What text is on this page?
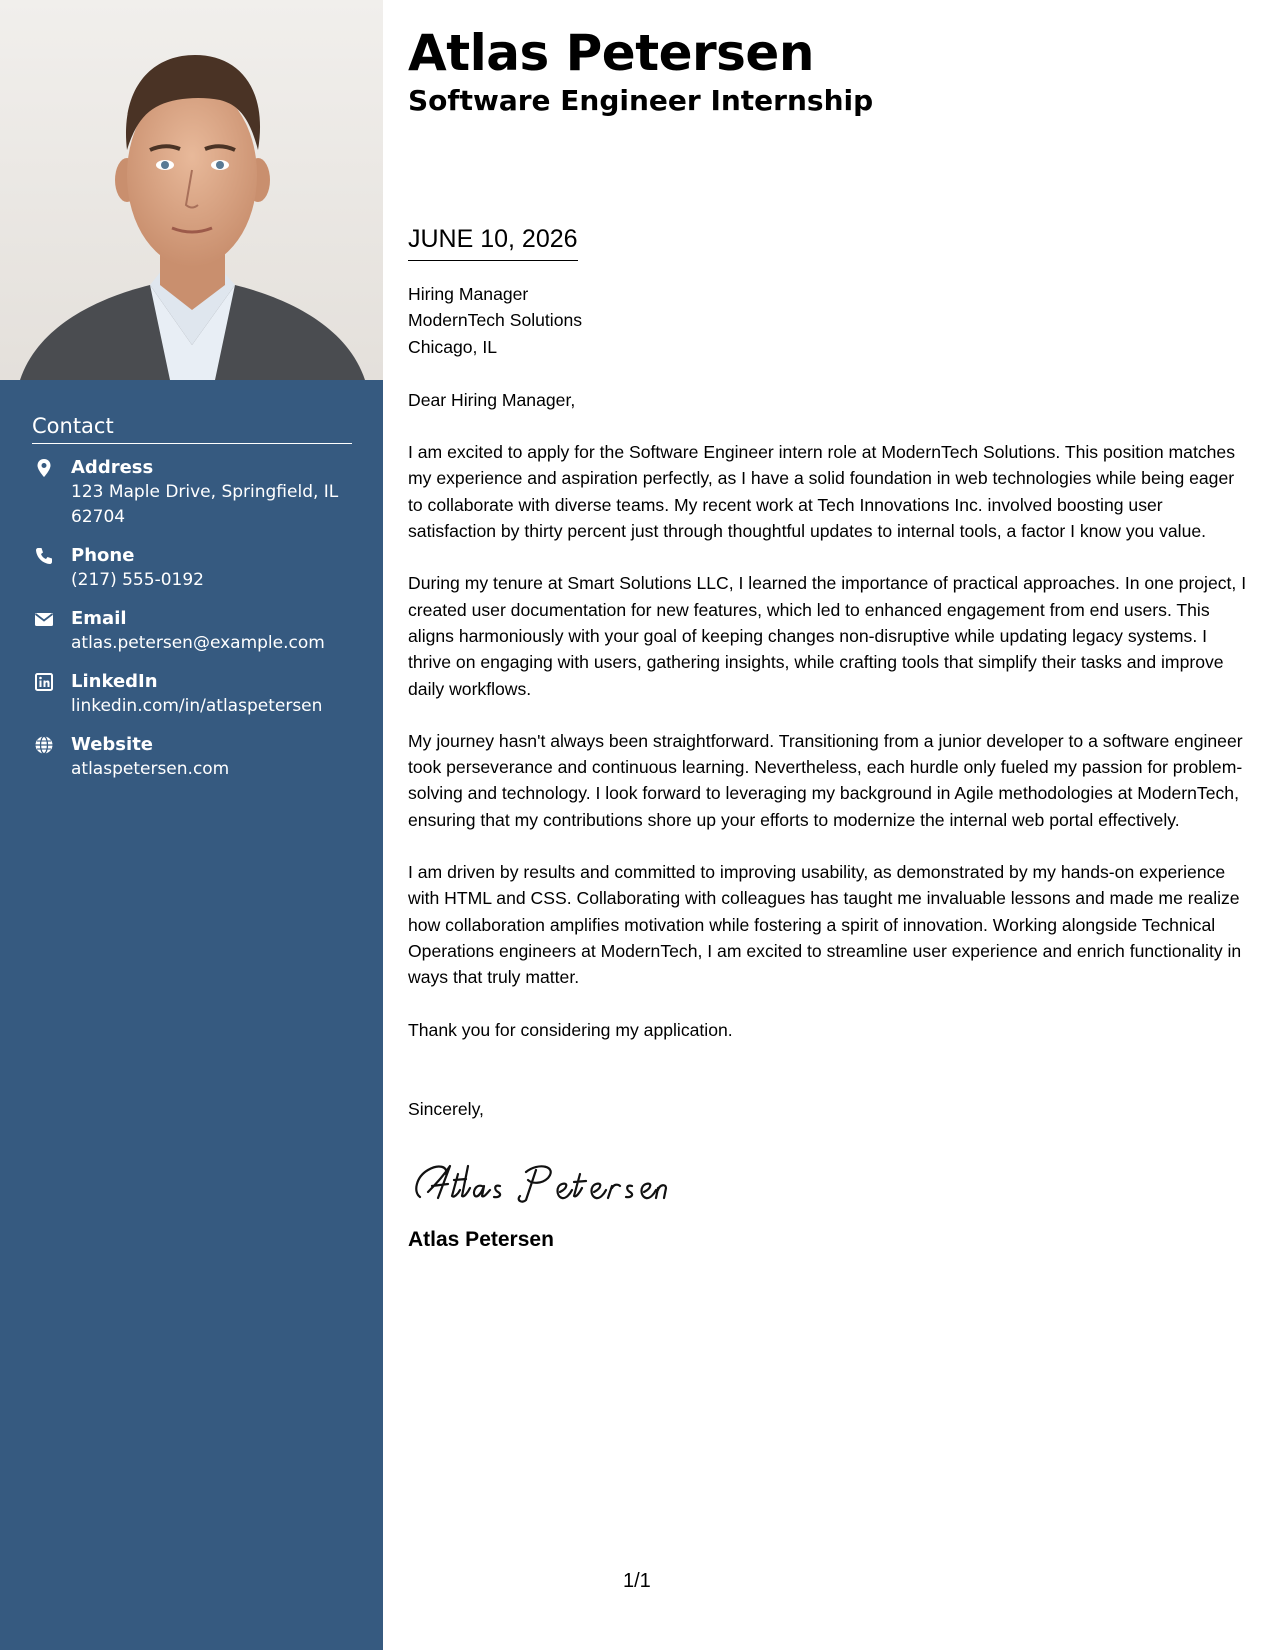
Contact
Address
123 Maple Drive, Springfield, IL 62704
Phone
(217) 555-0192
Email
atlas.petersen@example.com
LinkedIn
linkedin.com/in/atlaspetersen
Website
atlaspetersen.com
Atlas Petersen
Software Engineer Internship
JUNE 10, 2026
Hiring Manager
ModernTech Solutions
Chicago, IL
Dear Hiring Manager,

I am excited to apply for the Software Engineer intern role at ModernTech Solutions. This position matches my experience and aspiration perfectly, as I have a solid foundation in web technologies while being eager to collaborate with diverse teams. My recent work at Tech Innovations Inc. involved boosting user satisfaction by thirty percent just through thoughtful updates to internal tools, a factor I know you value.

During my tenure at Smart Solutions LLC, I learned the importance of practical approaches. In one project, I created user documentation for new features, which led to enhanced engagement from end users. This aligns harmoniously with your goal of keeping changes non-disruptive while updating legacy systems. I thrive on engaging with users, gathering insights, while crafting tools that simplify their tasks and improve daily workflows.

My journey hasn't always been straightforward. Transitioning from a junior developer to a software engineer took perseverance and continuous learning. Nevertheless, each hurdle only fueled my passion for problem-solving and technology. I look forward to leveraging my background in Agile methodologies at ModernTech, ensuring that my contributions shore up your efforts to modernize the internal web portal effectively.

I am driven by results and committed to improving usability, as demonstrated by my hands-on experience with HTML and CSS. Collaborating with colleagues has taught me invaluable lessons and made me realize how collaboration amplifies motivation while fostering a spirit of innovation. Working alongside Technical Operations engineers at ModernTech, I am excited to streamline user experience and enrich functionality in ways that truly matter.

Thank you for considering my application.

Sincerely,
Atlas Petersen
1/1
